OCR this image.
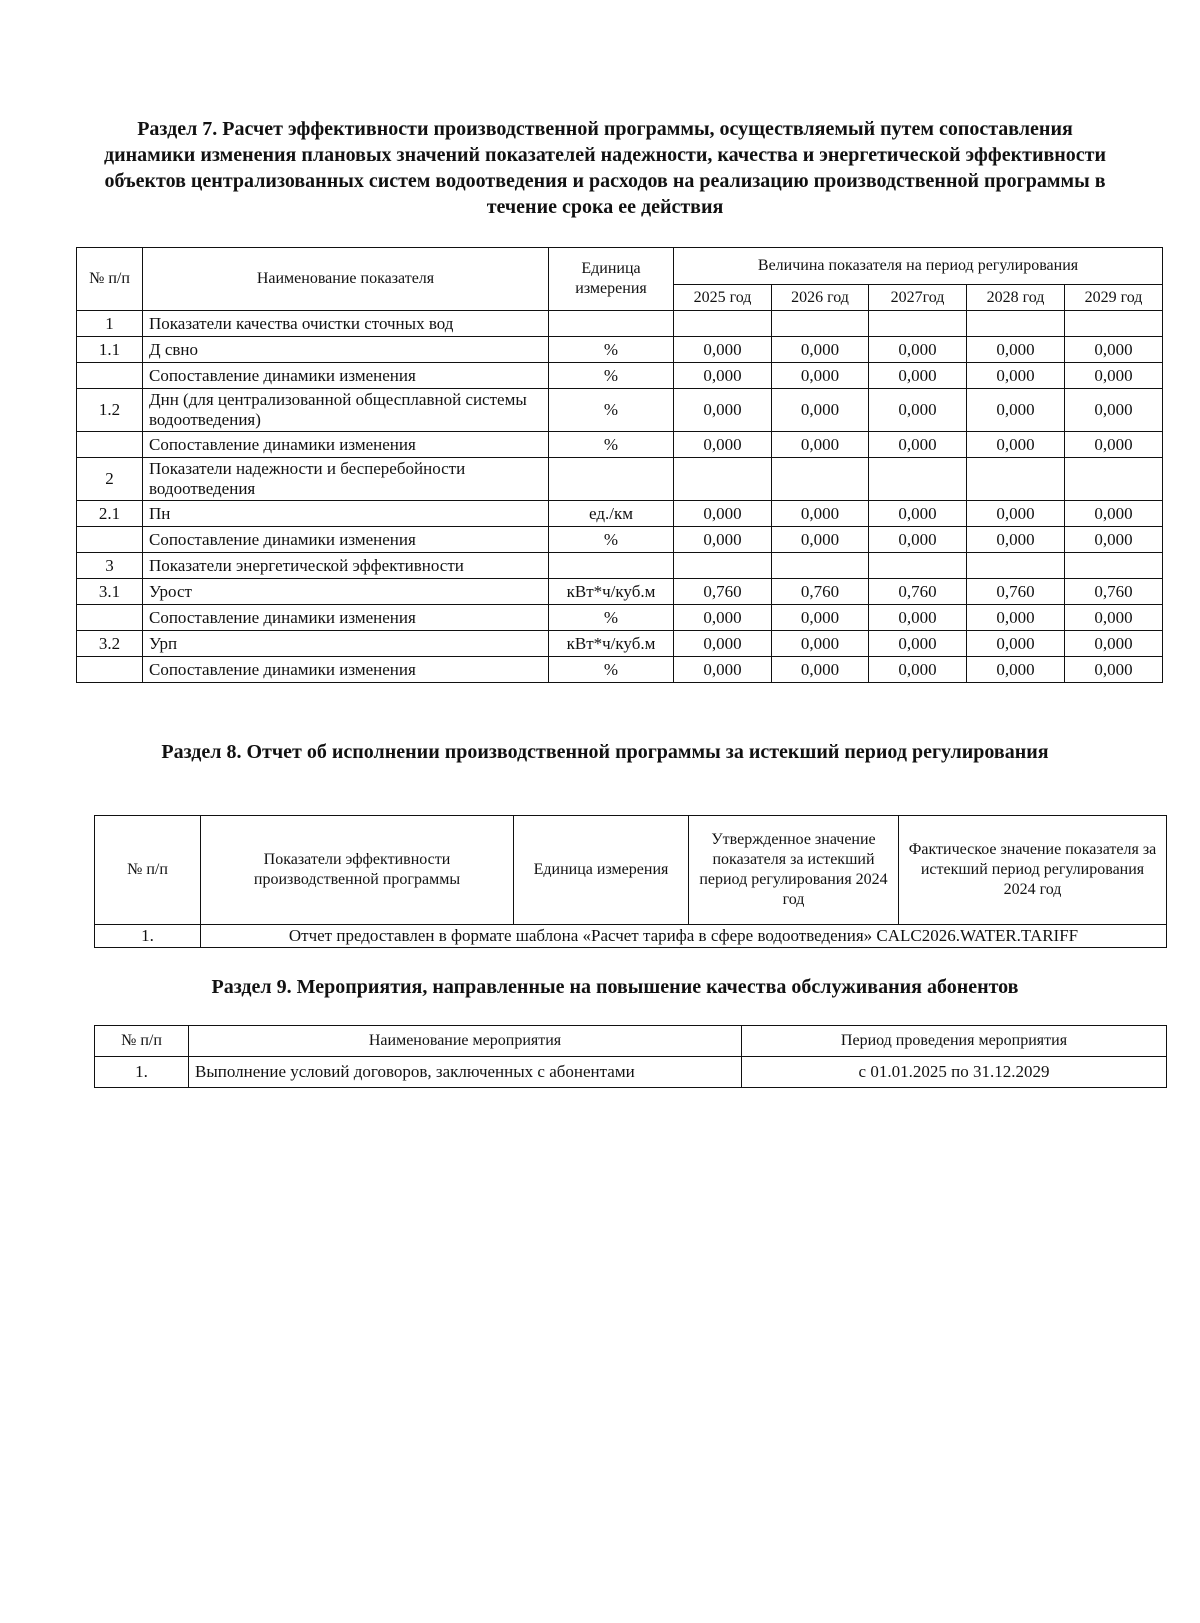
Раздел 7. Расчет эффективности производственной программы, осуществляемый путем сопоставления динамики изменения плановых значений показателей надежности, качества и энергетической эффективности объектов централизованных систем водоотведения и расходов на реализацию производственной программы в течение срока ее действия
№ п/п	Наименование показателя	Единица измерения	Величина показателя на период регулирования				
			2025 год	2026 год	2027год	2028 год	2029 год
1	Показатели качества очистки сточных вод						
1.1	Д свно	%	0,000	0,000	0,000	0,000	0,000
	Сопоставление динамики изменения	%	0,000	0,000	0,000	0,000	0,000
1.2	Днн (для централизованной общесплавной системы водоотведения)	%	0,000	0,000	0,000	0,000	0,000
	Сопоставление динамики изменения	%	0,000	0,000	0,000	0,000	0,000
2	Показатели надежности и бесперебойности водоотведения						
2.1	Пн	ед./км	0,000	0,000	0,000	0,000	0,000
	Сопоставление динамики изменения	%	0,000	0,000	0,000	0,000	0,000
3	Показатели энергетической эффективности						
3.1	Урост	кВт*ч/куб.м	0,760	0,760	0,760	0,760	0,760
	Сопоставление динамики изменения	%	0,000	0,000	0,000	0,000	0,000
3.2	Урп	кВт*ч/куб.м	0,000	0,000	0,000	0,000	0,000
	Сопоставление динамики изменения	%	0,000	0,000	0,000	0,000	0,000
Раздел 8. Отчет об исполнении производственной программы за истекший период регулирования
№ п/п	Показатели эффективности производственной программы	Единица измерения	Утвержденное значение показателя за истекший период регулирования 2024 год	Фактическое значение показателя за истекший период регулирования 2024 год
1.	Отчет предоставлен в формате шаблона «Расчет тарифа в сфере водоотведения» CALC2026.WATER.TARIFF			
Раздел 9. Мероприятия, направленные на повышение качества обслуживания абонентов
№ п/п	Наименование мероприятия	Период проведения мероприятия
1.	Выполнение условий договоров, заключенных с абонентами	с 01.01.2025 по 31.12.2029
